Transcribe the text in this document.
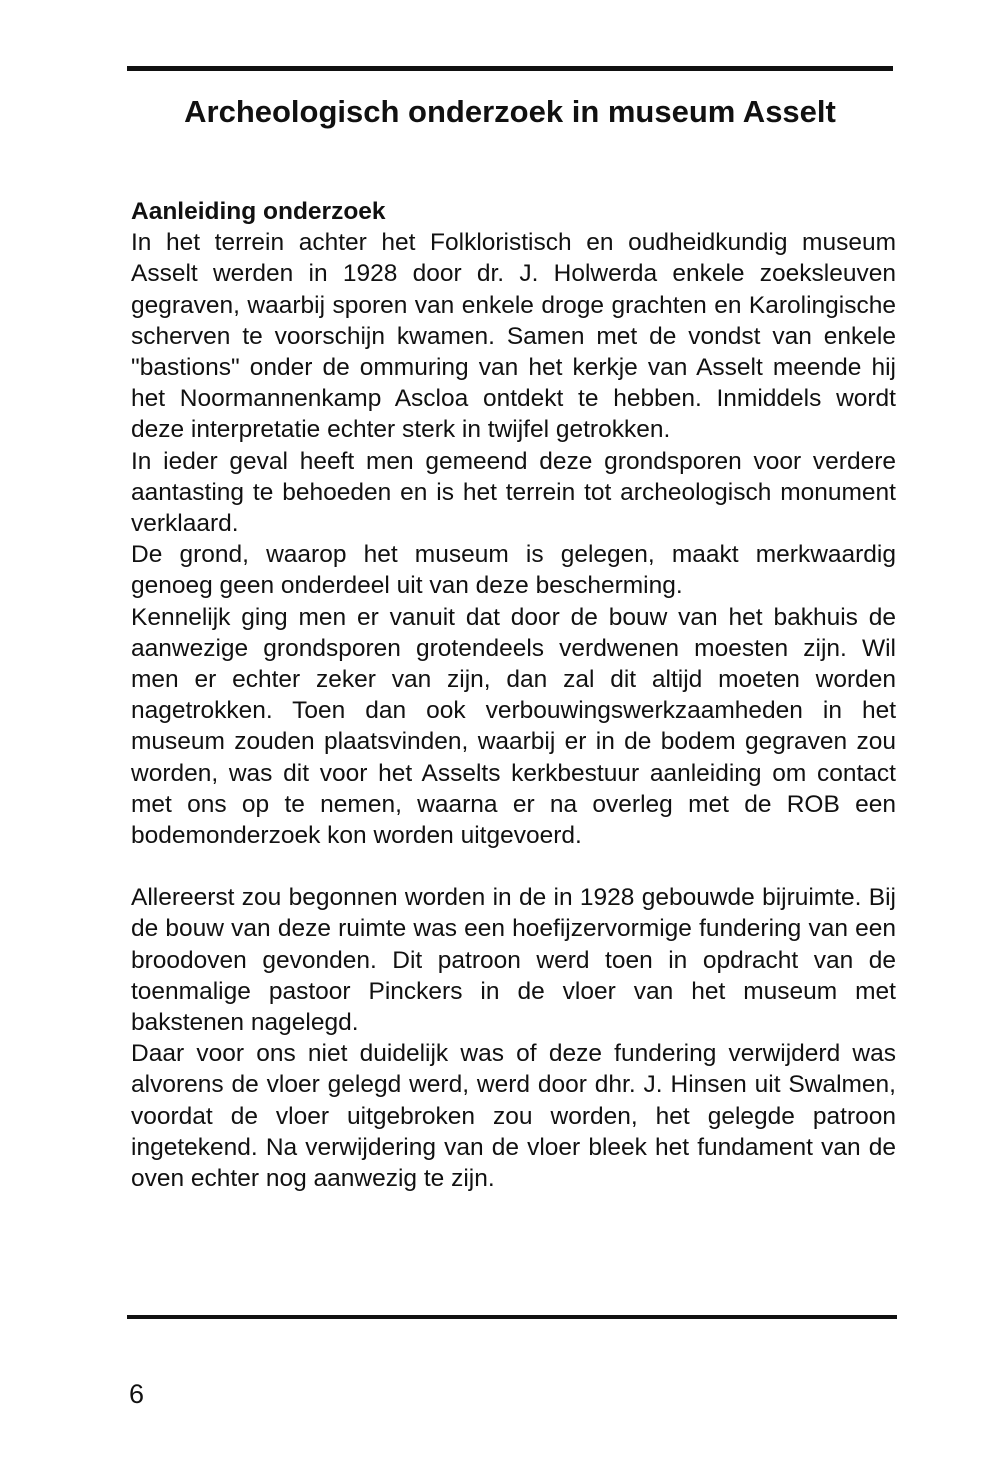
Archeologisch onderzoek in museum Asselt

Aanleiding onderzoek

In het terrein achter het Folkloristisch en oudheidkundig museum Asselt werden in 1928 door dr. J. Holwerda enkele zoeksleuven gegraven, waarbij sporen van enkele droge grachten en Karolingische scherven te voorschijn kwamen. Samen met de vondst van enkele "bastions" onder de ommuring van het kerkje van Asselt meende hij het Noormannenkamp Ascloa ontdekt te hebben. Inmiddels wordt deze interpretatie echter sterk in twijfel getrokken.

In ieder geval heeft men gemeend deze grondsporen voor verdere aantasting te behoeden en is het terrein tot archeologisch monument verklaard.

De grond, waarop het museum is gelegen, maakt merkwaardig genoeg geen onderdeel uit van deze bescherming.

Kennelijk ging men er vanuit dat door de bouw van het bakhuis de aanwezige grondsporen grotendeels verdwenen moesten zijn. Wil men er echter zeker van zijn, dan zal dit altijd moeten worden nagetrokken. Toen dan ook verbouwingswerkzaamheden in het museum zouden plaatsvinden, waarbij er in de bodem gegraven zou worden, was dit voor het Asselts kerkbestuur aanleiding om contact met ons op te nemen, waarna er na overleg met de ROB een bodemonderzoek kon worden uitgevoerd.

Allereerst zou begonnen worden in de in 1928 gebouwde bijruimte. Bij de bouw van deze ruimte was een hoefijzervormige fundering van een broodoven gevonden. Dit patroon werd toen in opdracht van de toenmalige pastoor Pinckers in de vloer van het museum met bakstenen nagelegd.

Daar voor ons niet duidelijk was of deze fundering verwijderd was alvorens de vloer gelegd werd, werd door dhr. J. Hinsen uit Swalmen, voordat de vloer uitgebroken zou worden, het gelegde patroon ingetekend. Na verwijdering van de vloer bleek het fundament van de oven echter nog aanwezig te zijn.

6
